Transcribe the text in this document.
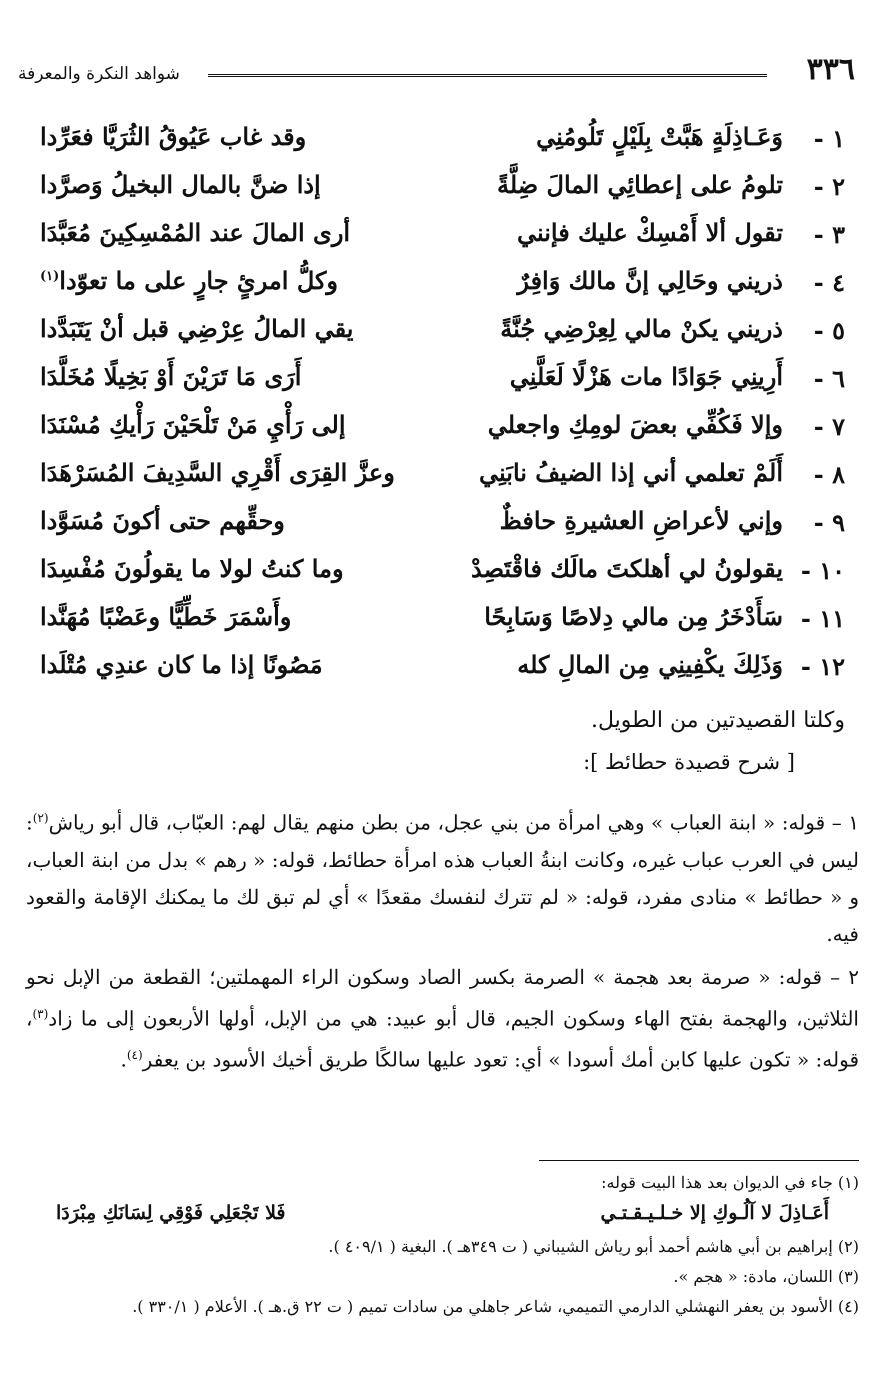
٣٣٦
شواهد النكرة والمعرفة
١ -
وَعَـاذِلَةٍ هَبَّتْ بِلَيْلٍ تَلُومُنِي
وقد غاب عَيُوقُ الثُرَيَّا فعَرِّدا
٢ -
تلومُ على إعطائِي المالَ ضِلَّةً
إذا ضنَّ بالمال البخيلُ وَصرَّدا
٣ -
تقول ألا أَمْسِكْ عليك فإنني
أرى المالَ عند المُمْسِكِينَ مُعَبَّدَا
٤ -
ذريني وحَالِي إنَّ مالك وَافِرٌ
وكلُّ امرئٍ جارٍ على ما تعوّدا$^{(١)}$
٥ -
ذريني يكنْ مالي لِعِرْضِي جُنَّةً
يقي المالُ عِرْضِي قبل أنْ يَتَبَدَّدا
٦ -
أَرِينِي جَوَادًا مات هَزْلًا لَعَلَّنِي
أَرَى مَا تَرَيْنَ أَوْ بَخِيلًا مُخَلَّدَا
٧ -
وإلا فَكُفِّي بعضَ لومِكِ واجعلي
إلى رَأْيِ مَنْ تَلْحَيْنَ رَأْيكِ مُسْنَدَا
٨ -
أَلَمْ تعلمي أني إذا الضيفُ نابَنِي
وعزَّ القِرَى أَقْرِي السَّدِيفَ المُسَرْهَدَا
٩ -
وإني لأعراضِ العشيرةِ حافظٌ
وحقِّهم حتى أكونَ مُسَوَّدا
١٠ -
يقولونُ لي أهلكتَ مالَك فاقْتَصِدْ
وما كنتُ لولا ما يقولُونَ مُفْسِدَا
١١ -
سَأَدْخَرُ مِن مالي دِلاصًا وَسَابِحًا
وأَسْمَرَ خَطِّيًّا وعَضْبًا مُهَنَّدا
١٢ -
وَذَلِكَ يكْفِينِي مِن المالِ كله
مَصُونًا إذا ما كان عندِي مُتْلَدا
وكلتا القصيدتين من الطويل.
[ شرح قصيدة حطائط ]:

١ – قوله: « ابنة العباب » وهي امرأة من بني عجل، من بطن منهم يقال لهم: العبّاب، قال أبو رياش$^{(٢)}$: ليس في العرب عباب غيره، وكانت ابنةُ العباب هذه امرأة حطائط، قوله: « رهم » بدل من ابنة العباب، و « حطائط » منادى مفرد، قوله: « لم تترك لنفسك مقعدًا » أي لم تبق لك ما يمكنك الإقامة والقعود فيه.

٢ – قوله: « صرمة بعد هجمة » الصرمة بكسر الصاد وسكون الراء المهملتين؛ القطعة من الإبل نحو الثلاثين، والهجمة بفتح الهاء وسكون الجيم، قال أبو عبيد: هي من الإبل، أولها الأربعون إلى ما زاد$^{(٣)}$، قوله: « تكون عليها كابن أمك أسودا » أي: تعود عليها سالكًا طريق أخيك الأسود بن يعفر$^{(٤)}$.

(١) جاء في الديوان بعد هذا البيت قوله:

أَعَـاذِلَ لا آلُـوكِ إلا خـلـيـقـتـي
فَلا تَجْعَلِي فَوْقِي لِسَانَكِ مِبْرَدَا

(٢) إبراهيم بن أبي هاشم أحمد أبو رياش الشيباني ( ت ٣٤٩هـ ). البغية ( ٤٠٩/١ ).

(٣) اللسان، مادة: « هجم ».

(٤) الأسود بن يعفر النهشلي الدارمي التميمي، شاعر جاهلي من سادات تميم ( ت ٢٢ ق.هـ ). الأعلام ( ٣٣٠/١ ).
